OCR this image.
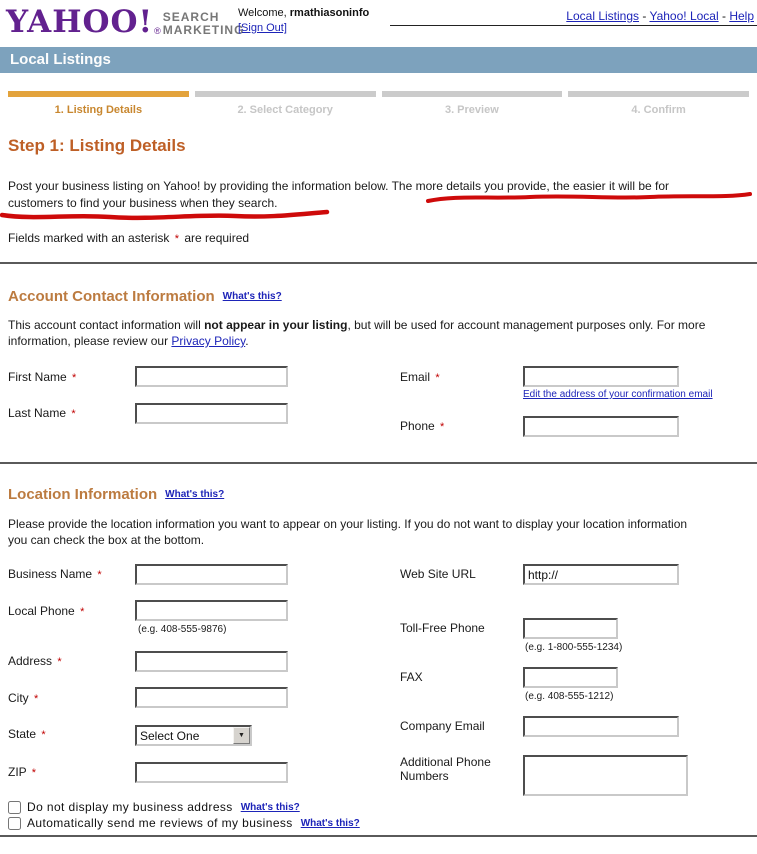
YAHOO! ®
SEARCH
MARKETING
Welcome, rmathiasoninfo
[Sign Out]
Local Listings - Yahoo! Local - Help
Local Listings
1. Listing Details	2. Select Category	3. Preview	4. Confirm
Step 1: Listing Details
Post your business listing on Yahoo! by providing the information below. The more details you provide, the easier it will be for
customers to find your business when they search.
Fields marked with an asterisk * are required
Account Contact Information What's this?
This account contact information will not appear in your listing, but will be used for account management purposes only. For more information, please review our Privacy Policy.
First Name *
Last Name *
Email *
Edit the address of your confirmation email
Phone *
Location Information What's this?
Please provide the location information you want to appear on your listing. If you do not want to display your location information
you can check the box at the bottom.
Business Name *
Local Phone *
(e.g. 408-555-9876)
Address *
City *
State *	Select One	▼
ZIP *
Web Site URL
http://
Toll-Free Phone
(e.g. 1-800-555-1234)
FAX
(e.g. 408-555-1212)
Company Email
Additional Phone Numbers
Do not display my business address What's this?
Automatically send me reviews of my business What's this?
